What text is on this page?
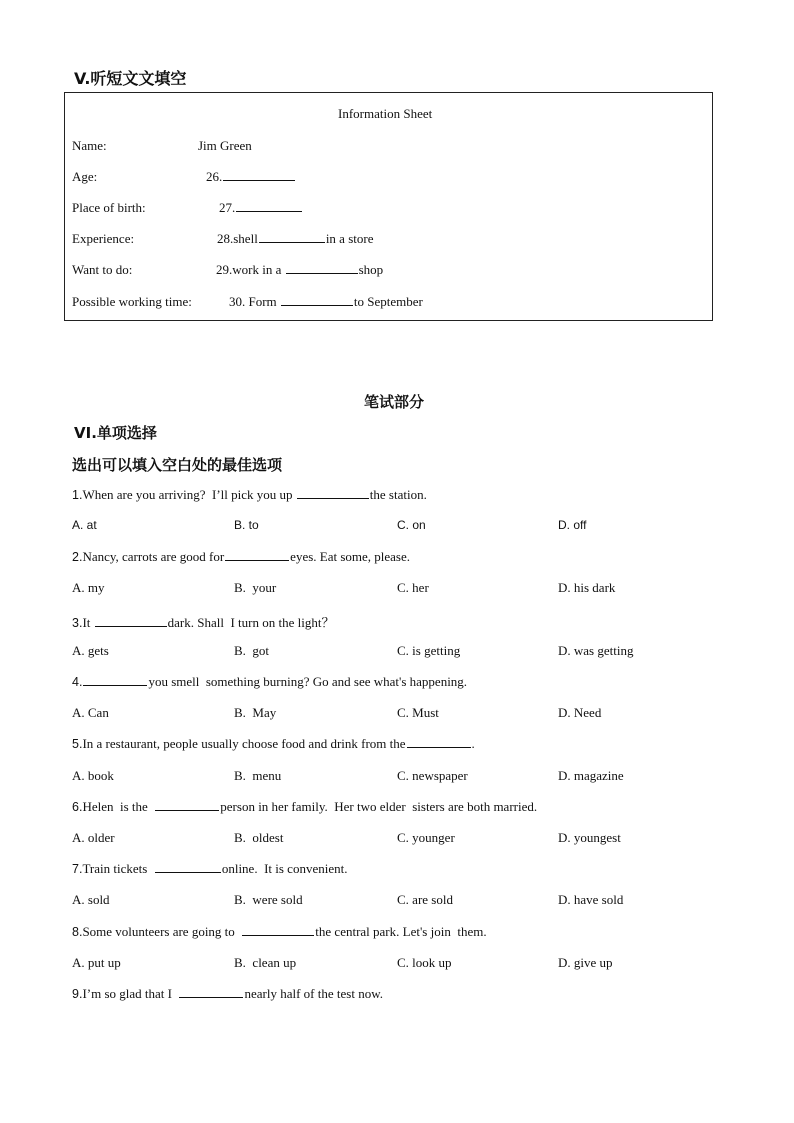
V.听短文文填空
Information Sheet
Name:	Jim Green
Age:	26.
Place of birth:	27.
Experience:	28.shell	in a store
Want to do:	29.work in a	shop
Possible working time:	30. Form	to September
笔试部分
VI.单项选择
选出可以填入空白处的最佳选项
1.When are you arriving?  I’ll pick you up	the station.
A. at	B. to	C. on	D. off
2.Nancy, carrots are good for	eyes. Eat some, please.
A. my	B.  your	C. her	D. his dark
3.It	dark. Shall  I turn on the light？
A. gets	B.  got	C. is getting	D. was getting
4.	you smell  something burning? Go and see what's happening.
A. Can	B.  May	C. Must	D. Need
5.In a restaurant, people usually choose food and drink from the	.
A. book	B.  menu	C. newspaper	D. magazine
6.Helen  is the	person in her family.  Her two elder  sisters are both married.
A. older	B.  oldest	C. younger	D. youngest
7.Train tickets	online.  It is convenient.
A. sold	B.  were sold	C. are sold	D. have sold
8.Some volunteers are going to	the central park. Let's join  them.
A. put up	B.  clean up	C. look up	D. give up
9.I’m so glad that I	nearly half of the test now.
